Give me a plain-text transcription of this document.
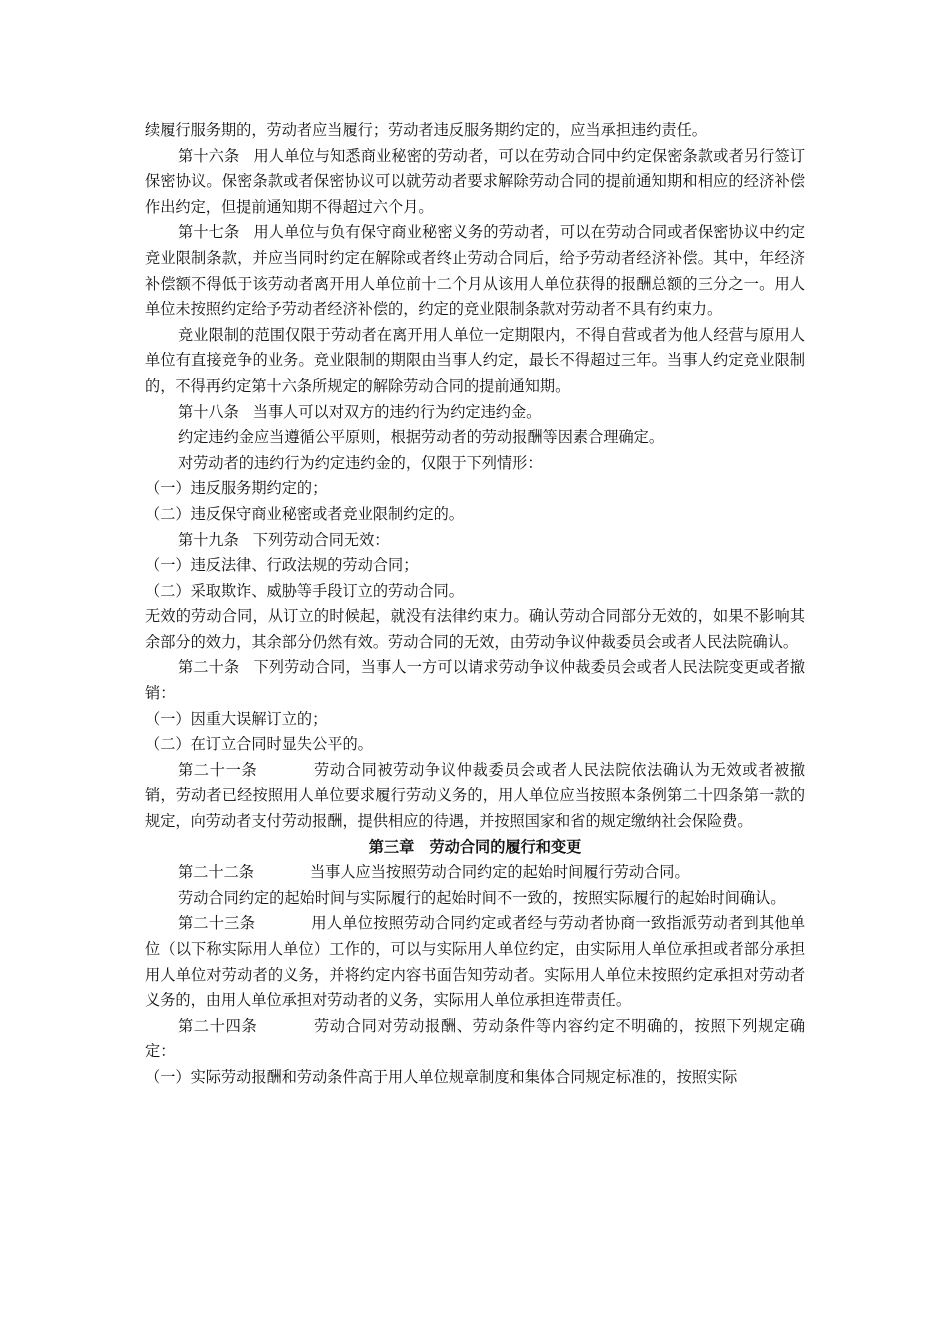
续履行服务期的，劳动者应当履行；劳动者违反服务期约定的，应当承担违约责任。

第十六条 用人单位与知悉商业秘密的劳动者，可以在劳动合同中约定保密条款或者另行签订保密协议。保密条款或者保密协议可以就劳动者要求解除劳动合同的提前通知期和相应的经济补偿作出约定，但提前通知期不得超过六个月。

第十七条 用人单位与负有保守商业秘密义务的劳动者，可以在劳动合同或者保密协议中约定竞业限制条款，并应当同时约定在解除或者终止劳动合同后，给予劳动者经济补偿。其中，年经济补偿额不得低于该劳动者离开用人单位前十二个月从该用人单位获得的报酬总额的三分之一。用人单位未按照约定给予劳动者经济补偿的，约定的竞业限制条款对劳动者不具有约束力。

竞业限制的范围仅限于劳动者在离开用人单位一定期限内，不得自营或者为他人经营与原用人单位有直接竞争的业务。竞业限制的期限由当事人约定，最长不得超过三年。当事人约定竞业限制的，不得再约定第十六条所规定的解除劳动合同的提前通知期。

第十八条 当事人可以对双方的违约行为约定违约金。

约定违约金应当遵循公平原则，根据劳动者的劳动报酬等因素合理确定。

对劳动者的违约行为约定违约金的，仅限于下列情形：

（一）违反服务期约定的；

（二）违反保守商业秘密或者竞业限制约定的。

第十九条 下列劳动合同无效：

（一）违反法律、行政法规的劳动合同；

（二）采取欺诈、威胁等手段订立的劳动合同。

无效的劳动合同，从订立的时候起，就没有法律约束力。确认劳动合同部分无效的，如果不影响其余部分的效力，其余部分仍然有效。劳动合同的无效，由劳动争议仲裁委员会或者人民法院确认。

第二十条 下列劳动合同，当事人一方可以请求劳动争议仲裁委员会或者人民法院变更或者撤销：

（一）因重大误解订立的；

（二）在订立合同时显失公平的。

第二十一条	劳动合同被劳动争议仲裁委员会或者人民法院依法确认为无效或者被撤销，劳动者已经按照用人单位要求履行劳动义务的，用人单位应当按照本条例第二十四条第一款的规定，向劳动者支付劳动报酬，提供相应的待遇，并按照国家和省的规定缴纳社会保险费。

第三章　劳动合同的履行和变更

第二十二条	当事人应当按照劳动合同约定的起始时间履行劳动合同。

劳动合同约定的起始时间与实际履行的起始时间不一致的，按照实际履行的起始时间确认。

第二十三条	用人单位按照劳动合同约定或者经与劳动者协商一致指派劳动者到其他单位（以下称实际用人单位）工作的，可以与实际用人单位约定，由实际用人单位承担或者部分承担用人单位对劳动者的义务，并将约定内容书面告知劳动者。实际用人单位未按照约定承担对劳动者义务的，由用人单位承担对劳动者的义务，实际用人单位承担连带责任。

第二十四条	劳动合同对劳动报酬、劳动条件等内容约定不明确的，按照下列规定确定：

（一）实际劳动报酬和劳动条件高于用人单位规章制度和集体合同规定标准的，按照实际
